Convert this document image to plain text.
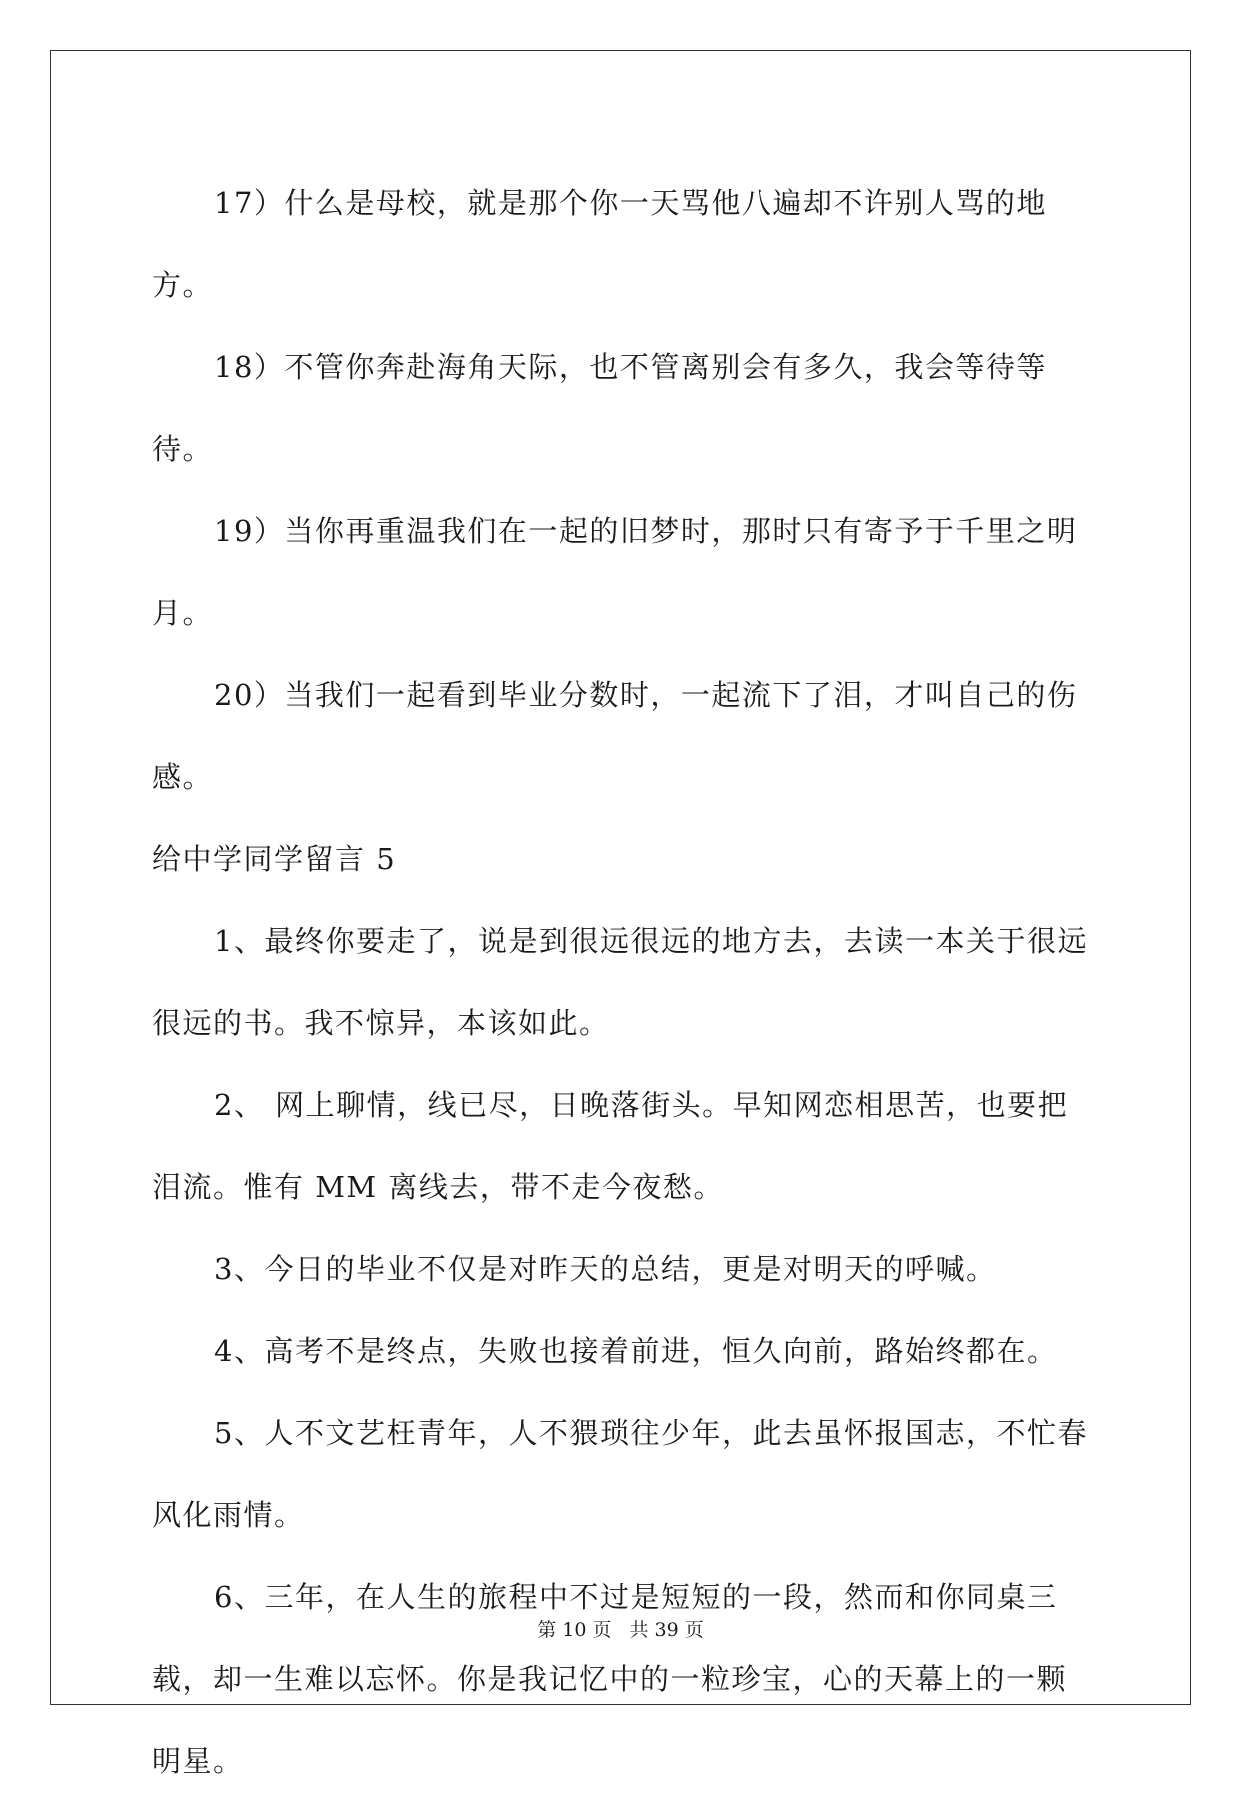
17）什么是母校，就是那个你一天骂他八遍却不许别人骂的地方。

18）不管你奔赴海角天际，也不管离别会有多久，我会等待等待。

19）当你再重温我们在一起的旧梦时，那时只有寄予于千里之明月。

20）当我们一起看到毕业分数时，一起流下了泪，才叫自己的伤感。

给中学同学留言 5

1、最终你要走了，说是到很远很远的地方去，去读一本关于很远很远的书。我不惊异，本该如此。

2、 网上聊情，线已尽，日晚落街头。早知网恋相思苦，也要把泪流。惟有 MM 离线去，带不走今夜愁。

3、今日的毕业不仅是对昨天的总结，更是对明天的呼喊。

4、高考不是终点，失败也接着前进，恒久向前，路始终都在。

5、人不文艺枉青年，人不猥琐往少年，此去虽怀报国志，不忙春风化雨情。

6、三年，在人生的旅程中不过是短短的一段，然而和你同桌三载，却一生难以忘怀。你是我记忆中的一粒珍宝，心的天幕上的一颗明星。

第 10 页 共 39 页
